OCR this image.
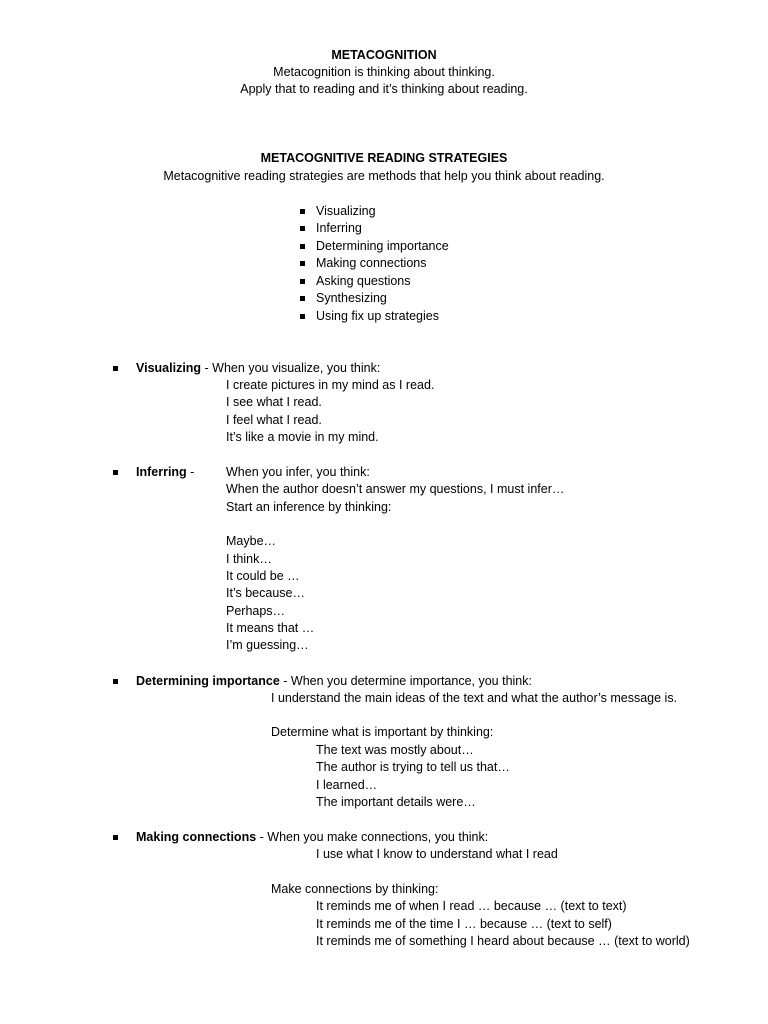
METACOGNITION
Metacognition is thinking about thinking.
Apply that to reading and it’s thinking about reading.
METACOGNITIVE READING STRATEGIES
Metacognitive reading strategies are methods that help you think about reading.
Visualizing
Inferring
Determining importance
Making connections
Asking questions
Synthesizing
Using fix up strategies
Visualizing - When you visualize, you think:
I create pictures in my mind as I read.
I see what I read.
I feel what I read.
It’s like a movie in my mind.
Inferring -	When you infer, you think:
When the author doesn’t answer my questions, I must infer…
Start an inference by thinking:
Maybe…
I think…
It could be …
It’s because…
Perhaps…
It means that …
I’m guessing…
Determining importance - When you determine importance, you think:
I understand the main ideas of the text and what the author’s message is.
Determine what is important by thinking:
The text was mostly about…
The author is trying to tell us that…
I learned…
The important details were…
Making connections - When you make connections, you think:
I use what I know to understand what I read
Make connections by thinking:
It reminds me of when I read … because … (text to text)
It reminds me of the time I … because … (text to self)
It reminds me of something I heard about because … (text to world)
